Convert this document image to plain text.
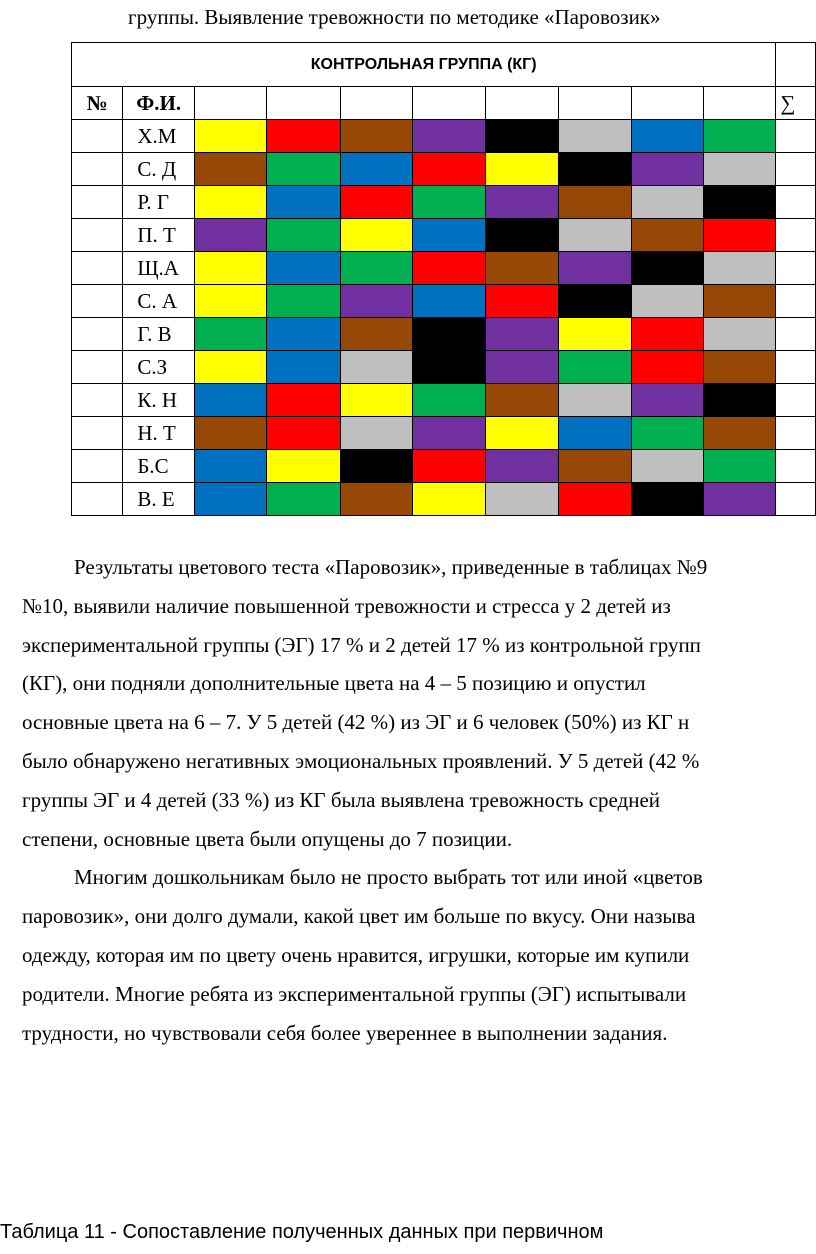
группы. Выявление тревожности по методике «Паровозик»
КОНТРОЛЬНАЯ ГРУППА (КГ)										
№	Ф.И.									∑
	Х.М									
	С. Д									
	Р. Г									
	П. Т									
	Щ.А									
	С. А									
	Г. В									
	С.З									
	К. Н									
	Н. Т									
	Б.С									
	В. Е									

Результаты цветового теста «Паровозик», приведенные в таблицах №9

№10, выявили наличие повышенной тревожности и стресса у 2 детей из

экспериментальной группы (ЭГ) 17 % и 2 детей 17 % из контрольной групп

(КГ), они подняли дополнительные цвета на 4 – 5 позицию и опустил

основные цвета на 6 – 7. У 5 детей (42 %) из ЭГ и 6 человек (50%) из КГ н

было обнаружено негативных эмоциональных проявлений. У 5 детей (42 %

группы ЭГ и 4 детей (33 %) из КГ была выявлена тревожность средней

степени, основные цвета были опущены до 7 позиции.

Многим дошкольникам было не просто выбрать тот или иной «цветов

паровозик», они долго думали, какой цвет им больше по вкусу. Они называ

одежду, которая им по цвету очень нравится, игрушки, которые им купили

родители. Многие ребята из экспериментальной группы (ЭГ) испытывали

трудности, но чувствовали себя более увереннее в выполнении задания.

Таблица 11 - Сопоставление полученных данных при первичном
